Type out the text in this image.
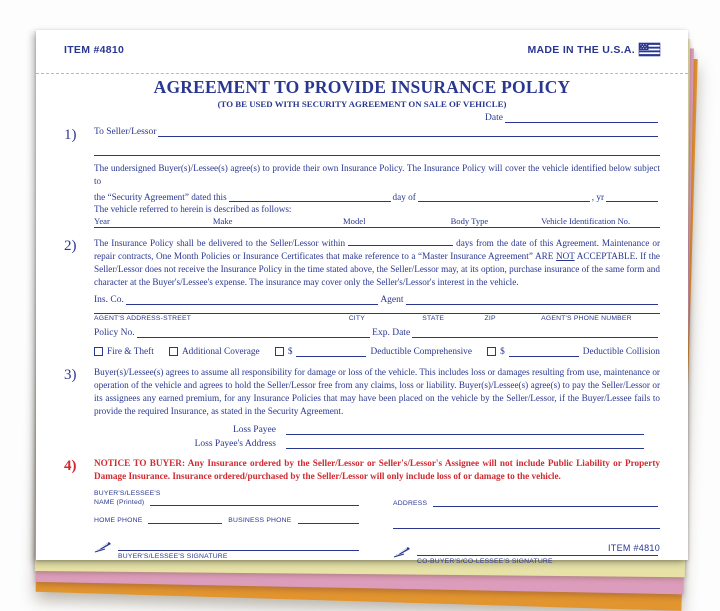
ITEM #4810	MADE IN THE U.S.A.
AGREEMENT TO PROVIDE INSURANCE POLICY
(TO BE USED WITH SECURITY AGREEMENT ON SALE OF VEHICLE)
Date
1)	To Seller/Lessor
The undersigned Buyer(s)/Lessee(s) agree(s) to provide their own Insurance Policy. The Insurance Policy will cover the vehicle identified below subject to
the “Security Agreement” dated this	day of	, yr
The vehicle referred to herein is described as follows:
Year	Make	Model	Body Type	Vehicle Identification No.
2)	The Insurance Policy shall be delivered to the Seller/Lessor within	days from the date of this Agreement. Maintenance or repair contracts, One Month Policies or Insurance Certificates that make reference to a “Master Insurance Agreement” ARE NOT ACCEPTABLE. If the Seller/Lessor does not receive the Insurance Policy in the time stated above, the Seller/Lessor may, at its option, purchase insurance of the same form and character at the Buyer's/Lessee's expense. The insurance may cover only the Seller's/Lessor's interest in the vehicle.
Ins. Co.	Agent
AGENT'S ADDRESS-STREET	CITY	STATE	ZIP	AGENT'S PHONE NUMBER
Policy No.	Exp. Date
Fire & Theft	Additional Coverage	$	Deductible Comprehensive	$	Deductible Collision
3)	Buyer(s)/Lessee(s) agrees to assume all responsibility for damage or loss of the vehicle. This includes loss or damages resulting from use, maintenance or operation of the vehicle and agrees to hold the Seller/Lessor free from any claims, loss or liability. Buyer(s)/Lessee(s) agree(s) to pay the Seller/Lessor or its assignees any earned premium, for any Insurance Policies that may have been placed on the vehicle by the Seller/Lessor, if the Buyer/Lessee fails to provide the required Insurance, as stated in the Security Agreement.
Loss Payee
Loss Payee's Address
4)	NOTICE TO BUYER: Any Insurance ordered by the Seller/Lessor or Seller's/Lessor's Assignee will not include Public Liability or Property Damage Insurance. Insurance ordered/purchased by the Seller/Lessor will only include loss of or damage to the vehicle.
BUYER'S/LESSEE'S
NAME (Printed)
HOME PHONE	BUSINESS PHONE
BUYER'S/LESSEE'S SIGNATURE
ADDRESS
CO-BUYER'S/CO-LESSEE'S SIGNATURE
ITEM #4810
